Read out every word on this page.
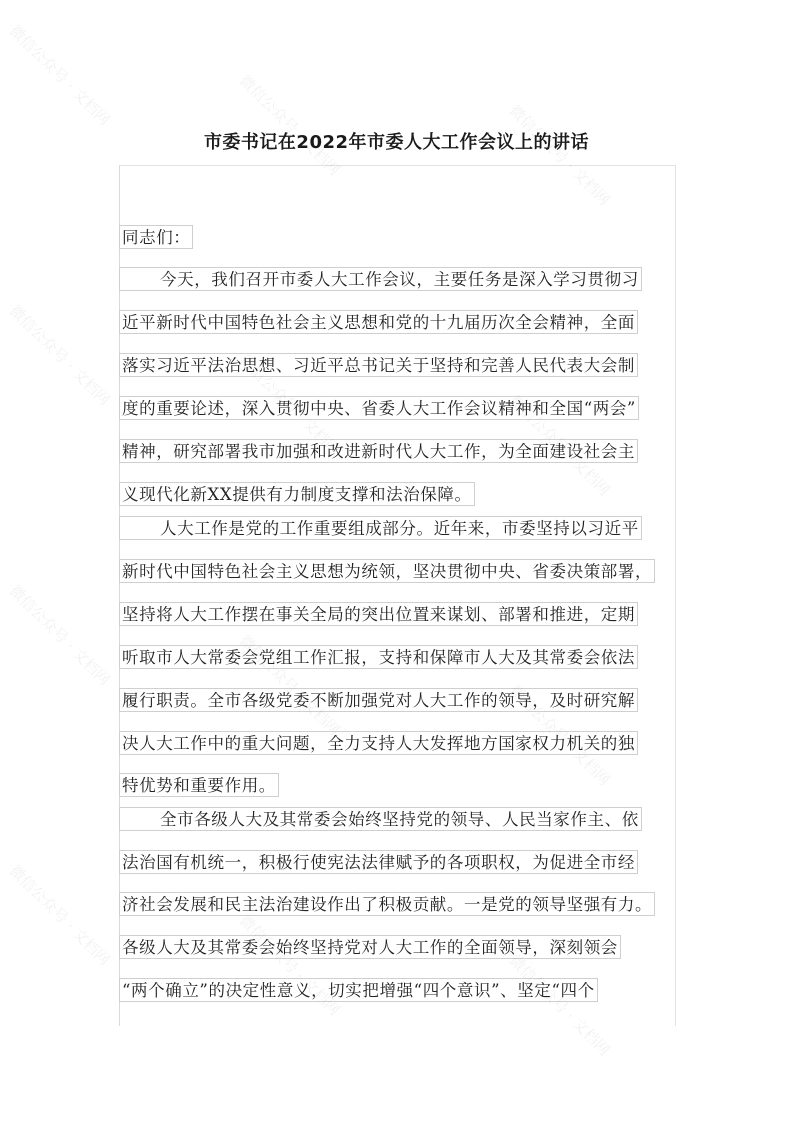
市委书记在2022年市委人大工作会议上的讲话
同志们：
今天，我们召开市委人大工作会议，主要任务是深入学习贯彻习
近平新时代中国特色社会主义思想和党的十九届历次全会精神，全面
落实习近平法治思想、习近平总书记关于坚持和完善人民代表大会制
度的重要论述，深入贯彻中央、省委人大工作会议精神和全国“两会”
精神，研究部署我市加强和改进新时代人大工作，为全面建设社会主
义现代化新XX提供有力制度支撑和法治保障。
人大工作是党的工作重要组成部分。近年来，市委坚持以习近平
新时代中国特色社会主义思想为统领，坚决贯彻中央、省委决策部署，
坚持将人大工作摆在事关全局的突出位置来谋划、部署和推进，定期
听取市人大常委会党组工作汇报，支持和保障市人大及其常委会依法
履行职责。全市各级党委不断加强党对人大工作的领导，及时研究解
决人大工作中的重大问题，全力支持人大发挥地方国家权力机关的独
特优势和重要作用。
全市各级人大及其常委会始终坚持党的领导、人民当家作主、依
法治国有机统一，积极行使宪法法律赋予的各项职权，为促进全市经
济社会发展和民主法治建设作出了积极贡献。一是党的领导坚强有力。
各级人大及其常委会始终坚持党对人大工作的全面领导，深刻领会
“两个确立”的决定性意义，切实把增强“四个意识”、坚定“四个
微信公众号 · 文档网	微信公众号 · 文档网	微信公众号 · 文档网
微信公众号 · 文档网	微信公众号 · 文档网	微信公众号 · 文档网
微信公众号 · 文档网	微信公众号 · 文档网	微信公众号 · 文档网
微信公众号 · 文档网	微信公众号 · 文档网	微信公众号 · 文档网
